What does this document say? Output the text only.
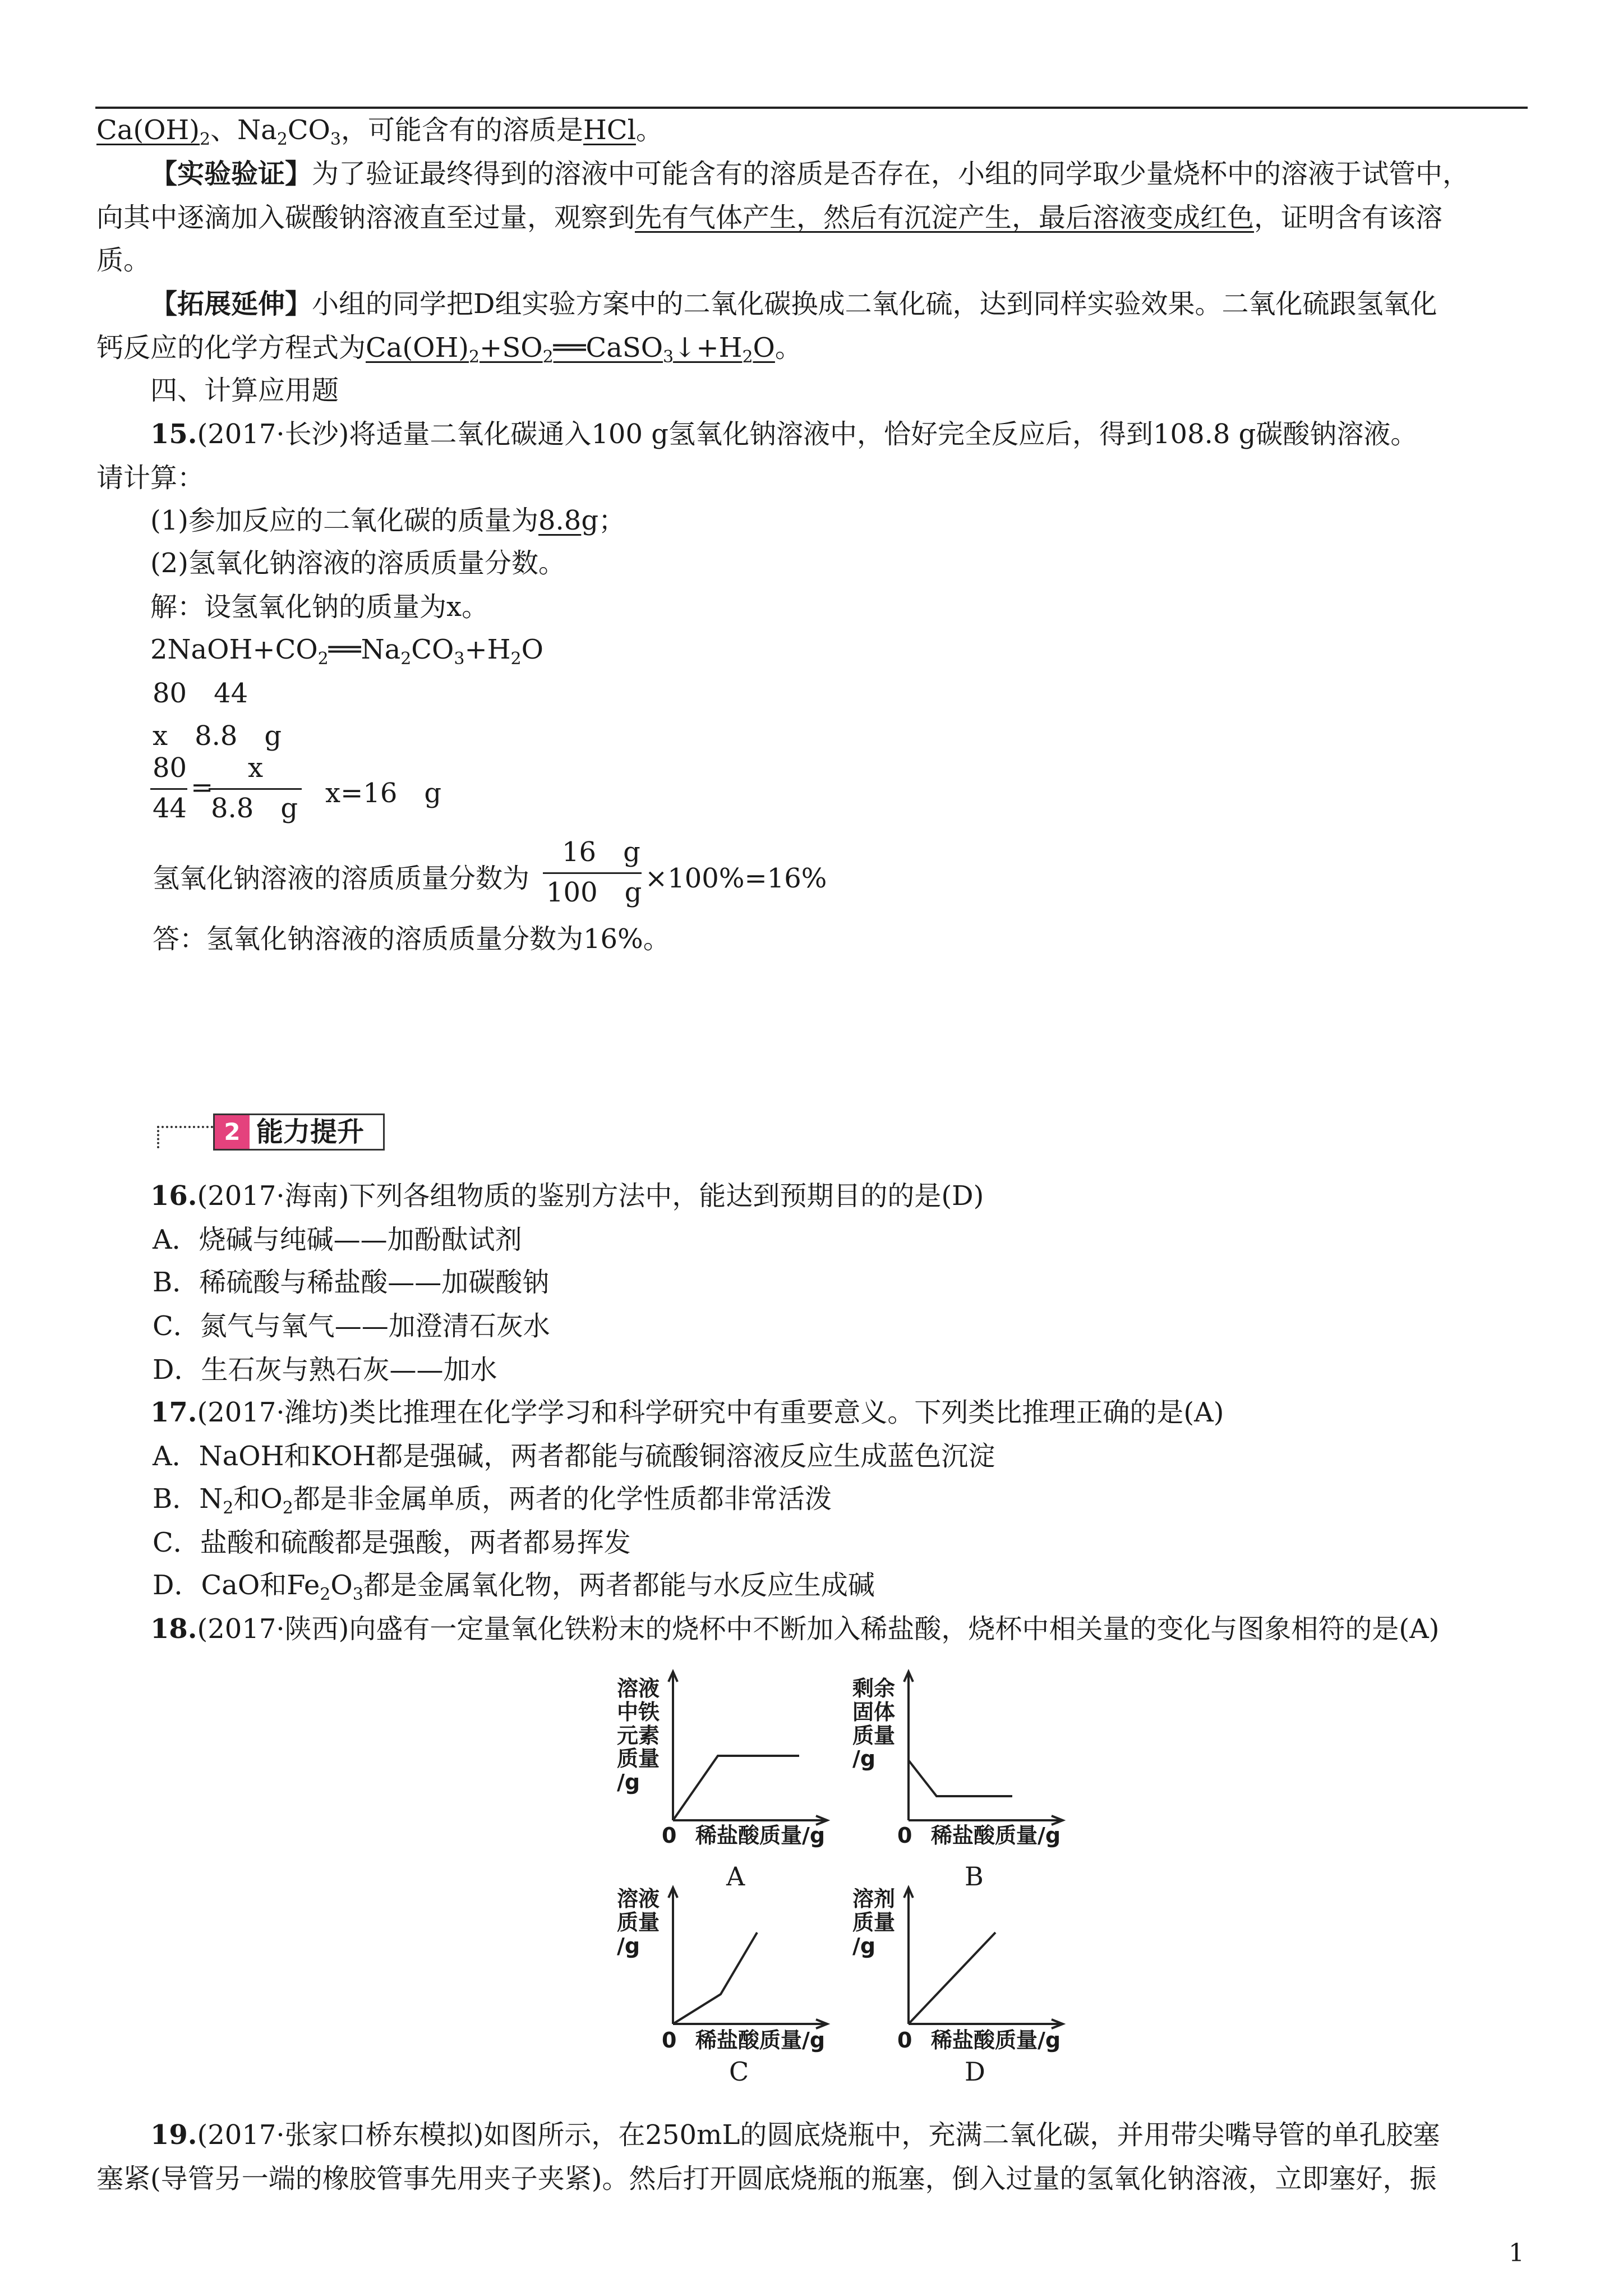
$Ca(OH)_2$、$Na_2CO_3$，可能含有的溶质是HCl。
【实验验证】为了验证最终得到的溶液中可能含有的溶质是否存在，小组的同学取少量烧杯中的溶液于试管中，
向其中逐滴加入碳酸钠溶液直至过量，观察到先有气体产生，然后有沉淀产生，最后溶液变成红色，证明含有该溶
质。
【拓展延伸】小组的同学把D组实验方案中的二氧化碳换成二氧化硫，达到同样实验效果。二氧化硫跟氢氧化
钙反应的化学方程式为$Ca(OH)_2+SO_2══CaSO_3↓+H_2O$。
四、计算应用题
15.(2017·长沙)将适量二氧化碳通入100 g氢氧化钠溶液中，恰好完全反应后，得到108.8 g碳酸钠溶液。
请计算：
(1)参加反应的二氧化碳的质量为8.8g；
(2)氢氧化钠溶液的溶质质量分数。
解：设氢氧化钠的质量为x。
$2NaOH+CO_2══Na_2CO_3+H_2O$
80　44
x　8.8　g
80
44
=
x
8.8　g x=16　g
氢氧化钠溶液的溶质质量分数为
16　g
100　g ×100%=16%
答：氢氧化钠溶液的溶质质量分数为16%。
2 能力提升
16.(2017·海南)下列各组物质的鉴别方法中，能达到预期目的的是(D)
A．烧碱与纯碱——加酚酞试剂
B．稀硫酸与稀盐酸——加碳酸钠
C．氮气与氧气——加澄清石灰水
D．生石灰与熟石灰——加水
17.(2017·潍坊)类比推理在化学学习和科学研究中有重要意义。下列类比推理正确的是(A)
A．NaOH和KOH都是强碱，两者都能与硫酸铜溶液反应生成蓝色沉淀
B．$N_2$和$O_2$都是非金属单质，两者的化学性质都非常活泼
C．盐酸和硫酸都是强酸，两者都易挥发
D．CaO和$Fe_2O_3$都是金属氧化物，两者都能与水反应生成碱
18.(2017·陕西)向盛有一定量氧化铁粉末的烧杯中不断加入稀盐酸，烧杯中相关量的变化与图象相符的是(A)
溶液
中铁
元素
质量
/g
0 稀盐酸质量/g
A
剩余
固体
质量
/g
0 稀盐酸质量/g
B
溶液
质量
/g
0 稀盐酸质量/g
C
溶剂
质量
/g
0 稀盐酸质量/g
D
19.(2017·张家口桥东模拟)如图所示，在250mL的圆底烧瓶中，充满二氧化碳，并用带尖嘴导管的单孔胶塞
塞紧(导管另一端的橡胶管事先用夹子夹紧)。然后打开圆底烧瓶的瓶塞，倒入过量的氢氧化钠溶液，立即塞好，振
1
